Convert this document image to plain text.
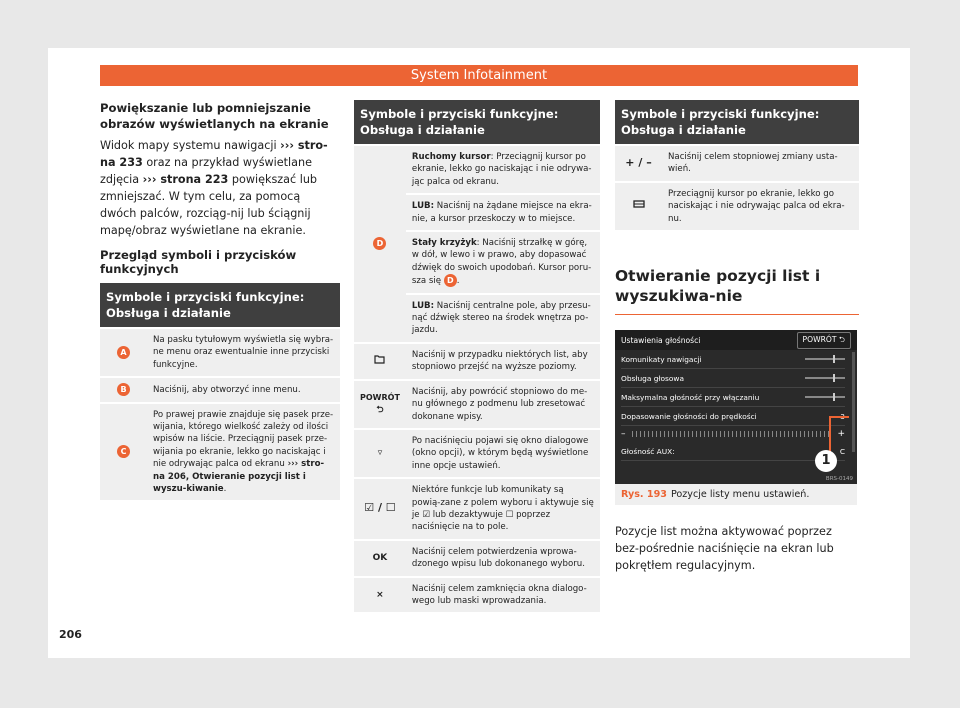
System Infotainment
Powiększanie lub pomniejszanie obrazów wyświetlanych na ekranie
Widok mapy systemu nawigacji ››› stro-na 233 oraz na przykład wyświetlane zdjęcia ››› strona 223 powiększać lub zmniejszać. W tym celu, za pomocą dwóch palców, rozciąg-nij lub ściągnij mapę/obraz wyświetlane na ekranie.
Przegląd symboli i przycisków funkcyjnych
Symbole i przyciski funkcyjne: Obsługa i działanie	
A	Na pasku tytułowym wyświetla się wybra-ne menu oraz ewentualnie inne przyciski funkcyjne.
B	Naciśnij, aby otworzyć inne menu.
C	Po prawej prawie znajduje się pasek prze-wijania, którego wielkość zależy od ilości wpisów na liście. Przeciągnij pasek prze-wijania po ekranie, lekko go naciskając i nie odrywając palca od ekranu ››› stro-na 206, Otwieranie pozycji list i wyszu-kiwanie.
Symbole i przyciski funkcyjne: Obsługa i działanie	
D	Ruchomy kursor: Przeciągnij kursor po ekranie, lekko go naciskając i nie odrywa-jąc palca od ekranu.
	LUB: Naciśnij na żądane miejsce na ekra-nie, a kursor przeskoczy w to miejsce.
	Stały krzyżyk: Naciśnij strzałkę w górę, w dół, w lewo i w prawo, aby dopasować dźwięk do swoich upodobań. Kursor poru-sza się D .
	LUB: Naciśnij centralne pole, aby przesu-nąć dźwięk stereo na środek wnętrza po-jazdu.
	Naciśnij w przypadku niektórych list, aby stopniowo przejść na wyższe poziomy.
POWRÓT
⮌	Naciśnij, aby powrócić stopniowo do me-nu głównego z podmenu lub zresetować dokonane wpisy.
▿	Po naciśnięciu pojawi się okno dialogowe (okno opcji), w którym będą wyświetlone inne opcje ustawień.
☑ / ☐	Niektóre funkcje lub komunikaty są powią-zane z polem wyboru i aktywuje się je ☑ lub dezaktywuje ☐ poprzez naciśnięcie na to pole.
OK	Naciśnij celem potwierdzenia wprowa-dzonego wpisu lub dokonanego wyboru.
×	Naciśnij celem zamknięcia okna dialogo-wego lub maski wprowadzania.
Symbole i przyciski funkcyjne: Obsługa i działanie	
+ / –	Naciśnij celem stopniowej zmiany usta-wień.
	Przeciągnij kursor po ekranie, lekko go naciskając i nie odrywając palca od ekra-nu.
Otwieranie pozycji list i wyszukiwa-nie
Ustawienia głośności	POWRÓT ⮌
Komunikaty nawigacji
Obsługa głosowa
Maksymalna głośność przy włączaniu
Dopasowanie głośności do prędkości
–	+
Głośność AUX:	C
1
BRS-0149
Rys. 193 Pozycje listy menu ustawień.
Pozycje list można aktywować poprzez bez-pośrednie naciśnięcie na ekran lub pokrętłem regulacyjnym.
206
